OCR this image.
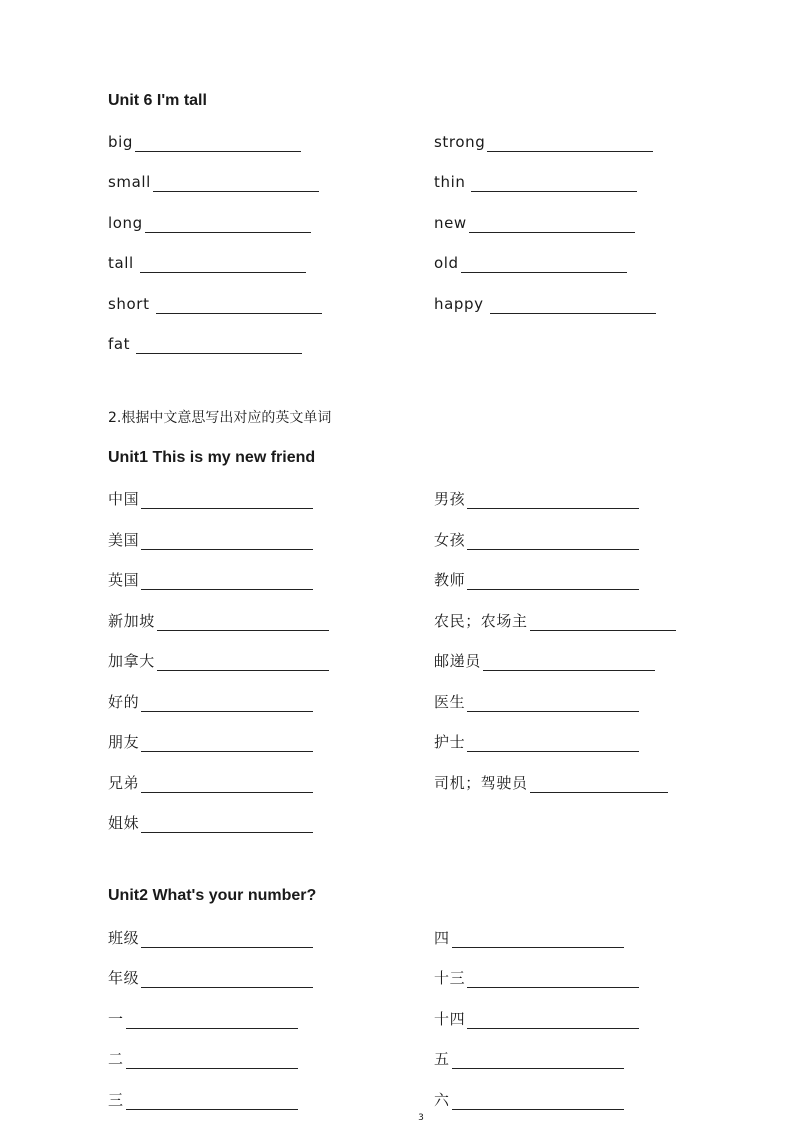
Unit 6 I'm tall
big
small
long
tall
short
fat
strong
thin
new
old
happy
2.根据中文意思写出对应的英文单词
Unit1 This is my new friend
中国
美国
英国
新加坡
加拿大
好的
朋友
兄弟
姐妹
男孩
女孩
教师
农民；农场主
邮递员
医生
护士
司机；驾驶员
Unit2 What's your number?
班级
年级
一
二
三
四
十三
十四
五
六
3
